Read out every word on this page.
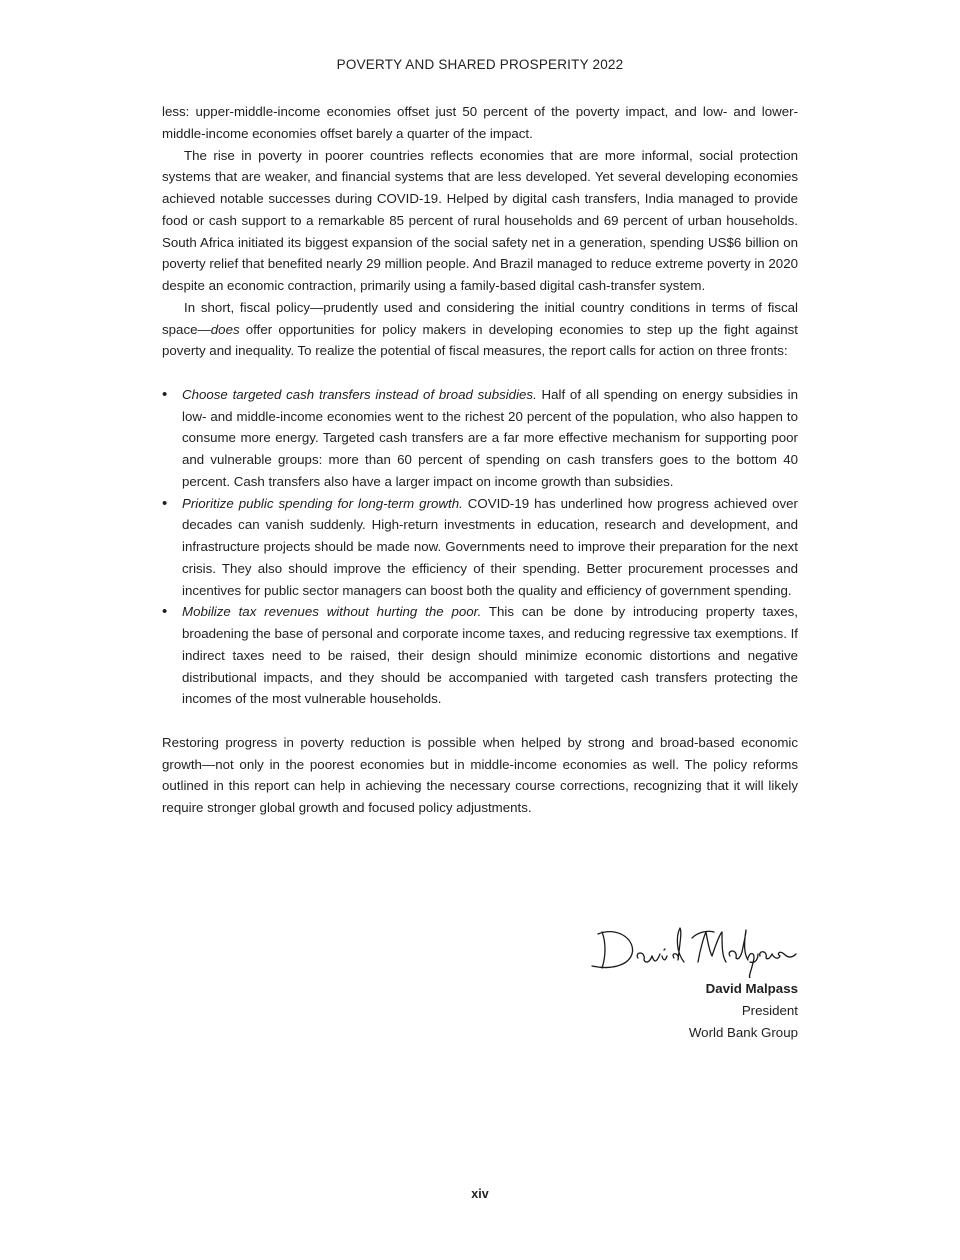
POVERTY AND SHARED PROSPERITY 2022

less: upper-middle-income economies offset just 50 percent of the poverty impact, and low- and lower-middle-income economies offset barely a quarter of the impact.

The rise in poverty in poorer countries reflects economies that are more informal, social protection systems that are weaker, and financial systems that are less developed. Yet several developing economies achieved notable successes during COVID-19. Helped by digital cash transfers, India managed to provide food or cash support to a remarkable 85 percent of rural households and 69 percent of urban households. South Africa initiated its biggest expansion of the social safety net in a generation, spending US$6 billion on poverty relief that benefited nearly 29 million people. And Brazil managed to reduce extreme poverty in 2020 despite an economic contraction, primarily using a family-based digital cash-transfer system.

In short, fiscal policy—prudently used and considering the initial country conditions in terms of fiscal space—does offer opportunities for policy makers in developing economies to step up the fight against poverty and inequality. To realize the potential of fiscal measures, the report calls for action on three fronts:

• Choose targeted cash transfers instead of broad subsidies. Half of all spending on energy subsidies in low- and middle-income economies went to the richest 20 percent of the population, who also happen to consume more energy. Targeted cash transfers are a far more effective mechanism for supporting poor and vulnerable groups: more than 60 percent of spending on cash transfers goes to the bottom 40 percent. Cash transfers also have a larger impact on income growth than subsidies.
• Prioritize public spending for long-term growth. COVID-19 has underlined how progress achieved over decades can vanish suddenly. High-return investments in education, research and development, and infrastructure projects should be made now. Governments need to improve their preparation for the next crisis. They also should improve the efficiency of their spending. Better procurement processes and incentives for public sector managers can boost both the quality and efficiency of government spending.
• Mobilize tax revenues without hurting the poor. This can be done by introducing property taxes, broadening the base of personal and corporate income taxes, and reducing regressive tax exemptions. If indirect taxes need to be raised, their design should minimize economic distortions and negative distributional impacts, and they should be accompanied with targeted cash transfers protecting the incomes of the most vulnerable households.

Restoring progress in poverty reduction is possible when helped by strong and broad-based economic growth—not only in the poorest economies but in middle-income economies as well. The policy reforms outlined in this report can help in achieving the necessary course corrections, recognizing that it will likely require stronger global growth and focused policy adjustments.

David Malpass
President
World Bank Group
xiv
